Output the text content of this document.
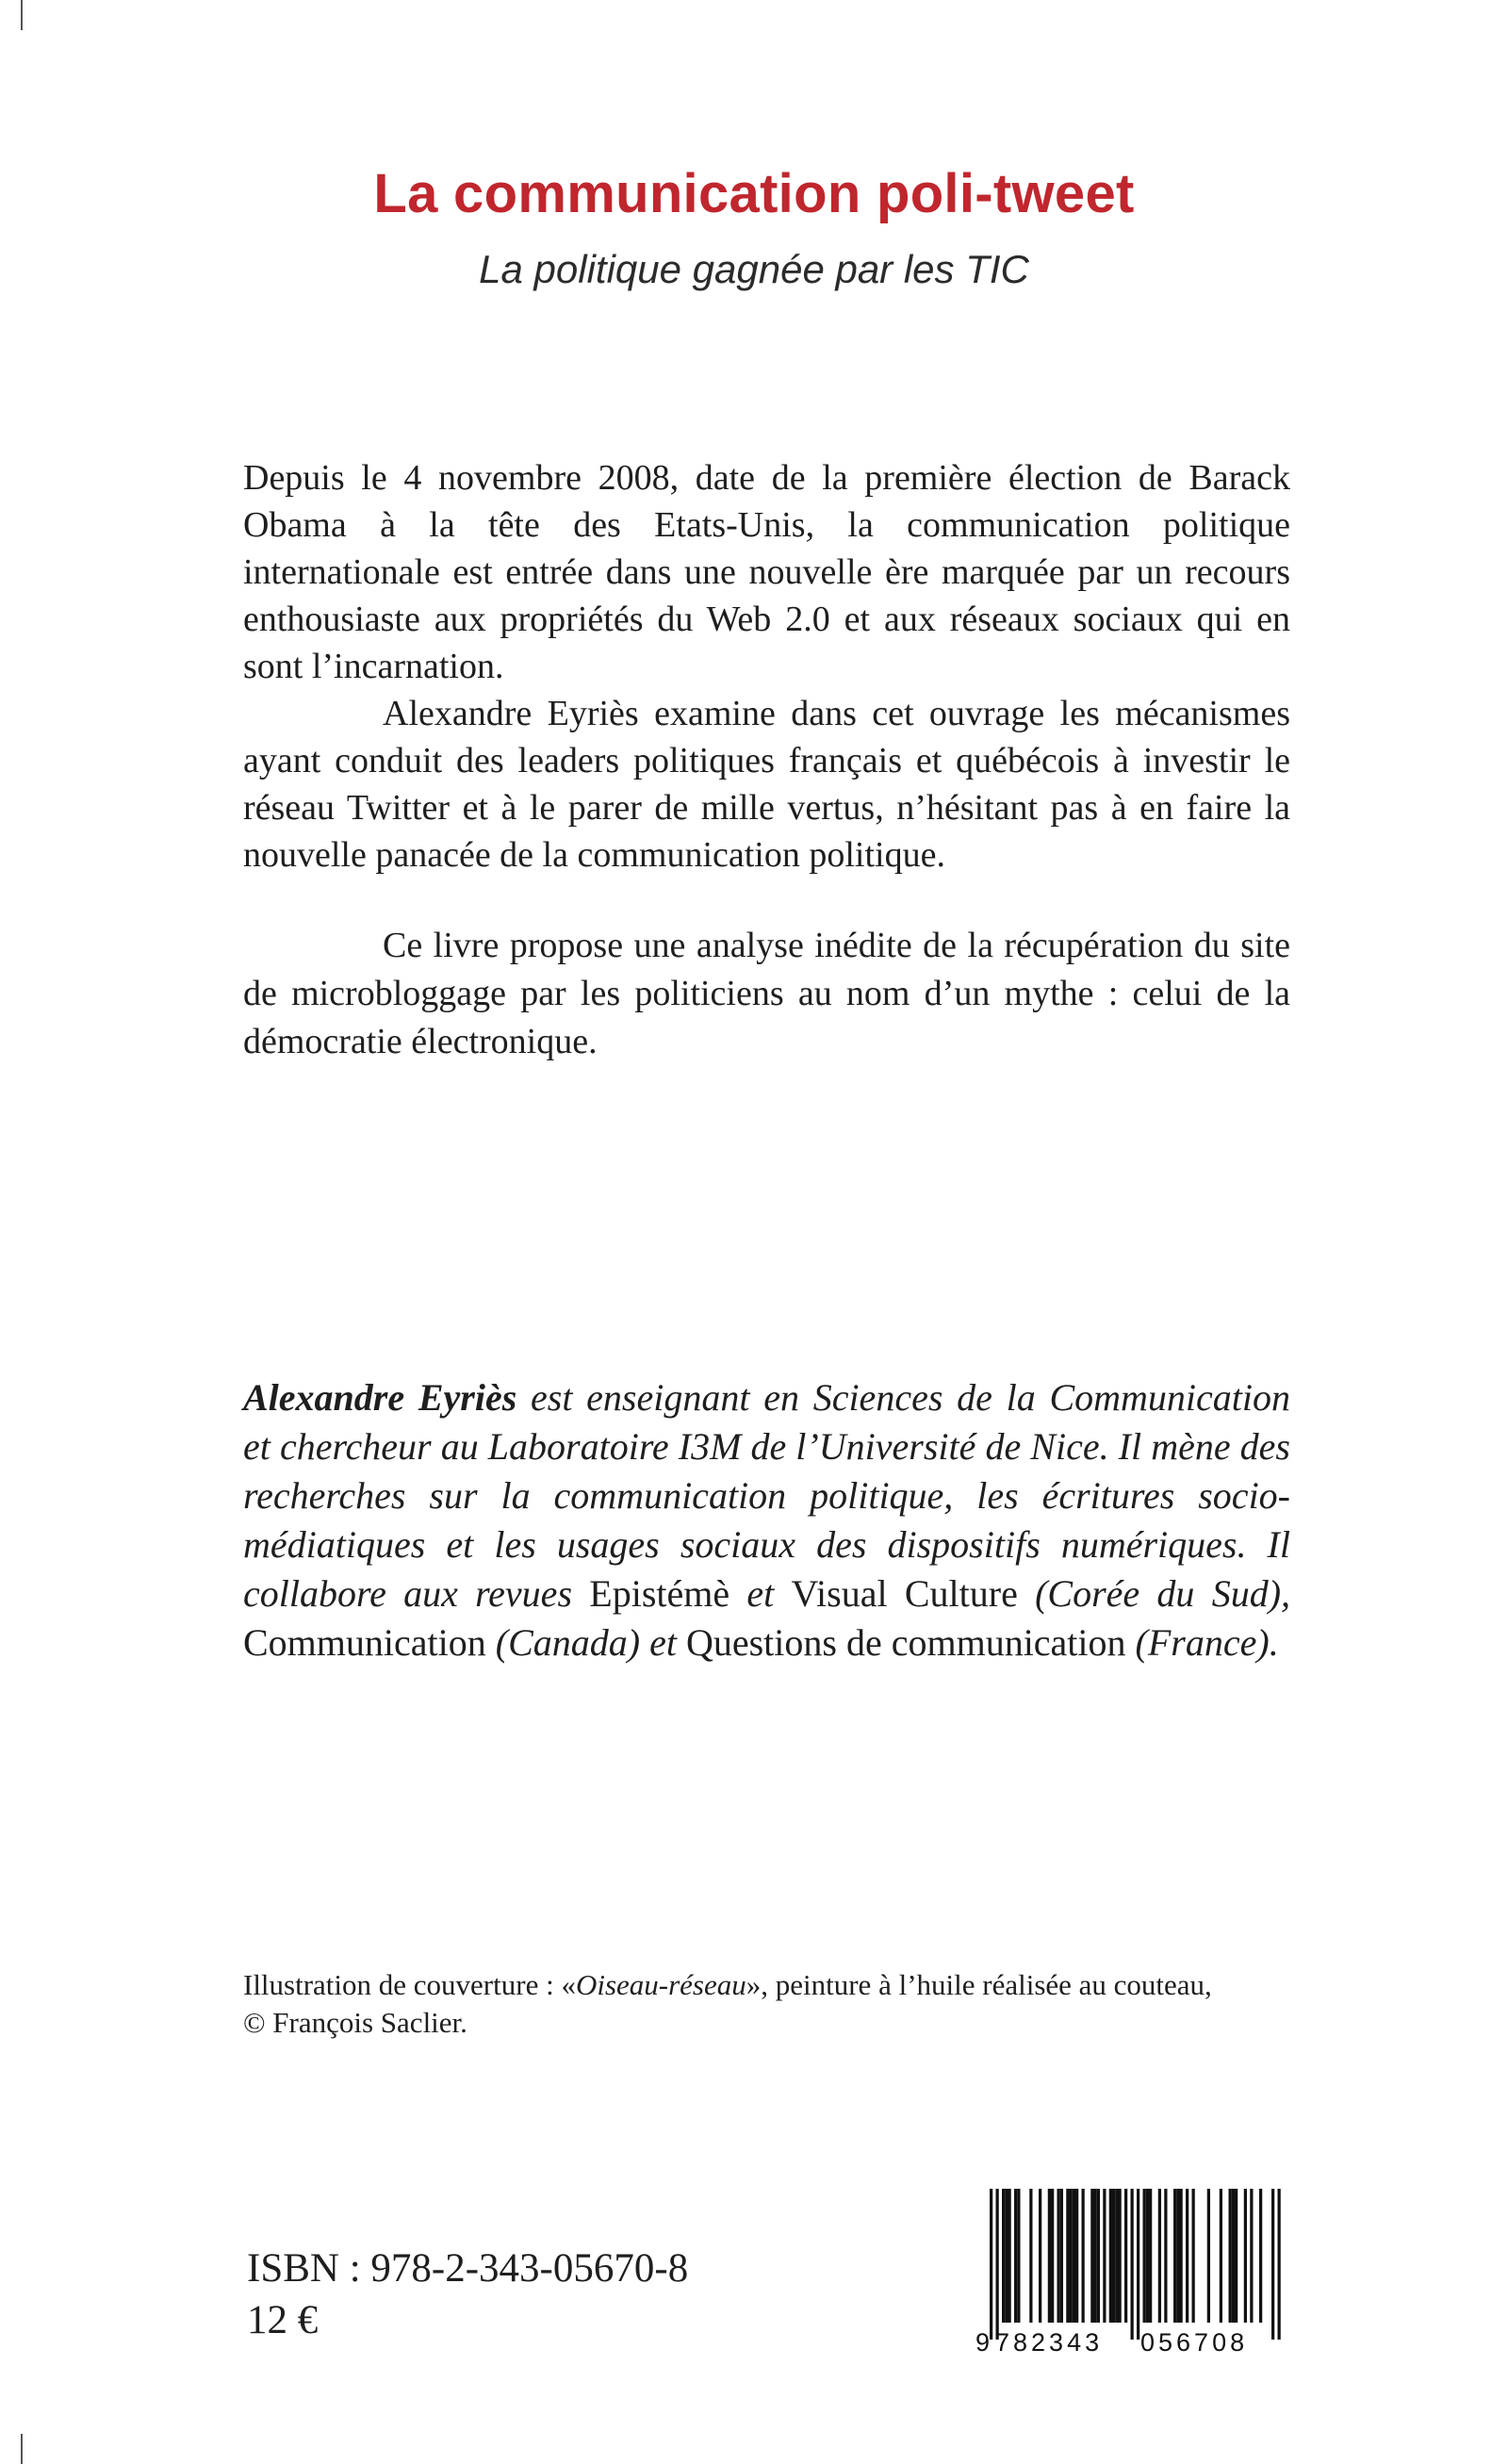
La communication poli-tweet
La politique gagnée par les TIC

Depuis le 4 novembre 2008, date de la première élection de Barack Obama à la tête des Etats-Unis, la communication politique internationale est entrée dans une nouvelle ère marquée par un recours enthousiaste aux propriétés du Web 2.0 et aux réseaux sociaux qui en sont l’incarnation.

Alexandre Eyriès examine dans cet ouvrage les mécanismes ayant conduit des leaders politiques français et québécois à investir le réseau Twitter et à le parer de mille vertus, n’hésitant pas à en faire la nouvelle panacée de la communication politique.

Ce livre propose une analyse inédite de la récupération du site de microbloggage par les politiciens au nom d’un mythe : celui de la démocratie électronique.

Alexandre Eyriès est enseignant en Sciences de la Communication et chercheur au Laboratoire I3M de l’Université de Nice. Il mène des recherches sur la communication politique, les écritures socio-médiatiques et les usages sociaux des dispositifs numériques. Il collabore aux revues Epistémè et Visual Culture (Corée du Sud), Communication (Canada) et Questions de communication (France).
Illustration de couverture : «Oiseau-réseau», peinture à l’huile réalisée au couteau,
© François Saclier.
ISBN : 978-2-343-05670-8
12 €	9 782343 056708
